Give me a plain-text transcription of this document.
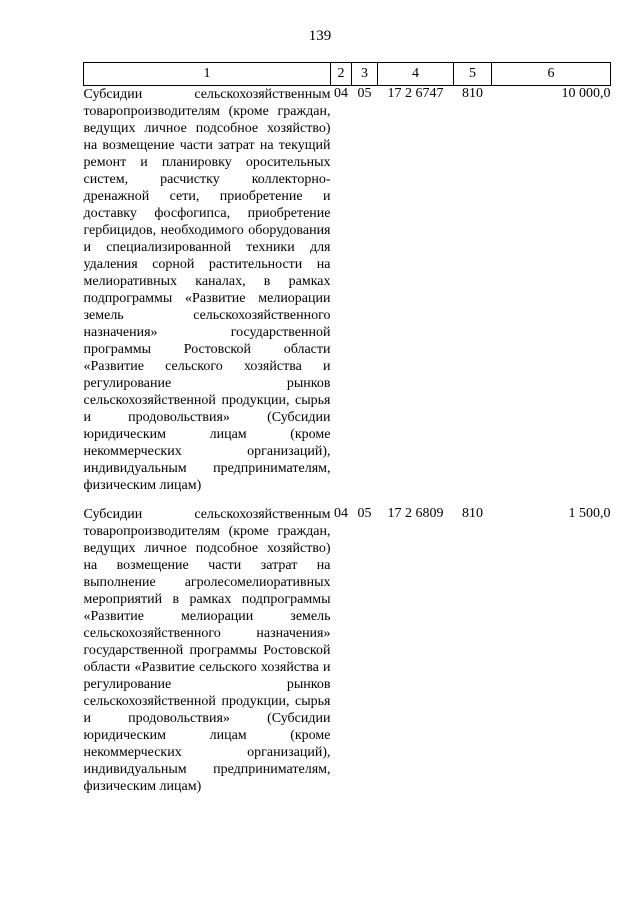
139
1	2	3	4	5	6
Субсидии сельскохозяйственным товаропроизводителям (кроме граждан, ведущих личное подсобное хозяйство) на возмещение части затрат на текущий ремонт и планировку оросительных систем, расчистку коллекторно-дренажной сети, приобретение и доставку фосфогипса, приобретение гербицидов, необходимого оборудования и специализированной техники для удаления сорной растительности на мелиоративных каналах, в рамках подпрограммы «Развитие мелиорации земель сельскохозяйственного назначения» государственной программы Ростовской области «Развитие сельского хозяйства и регулирование рынков сельскохозяйственной продукции, сырья и продовольствия» (Субсидии юридическим лицам (кроме некоммерческих организаций), индивидуальным предпринимателям, физическим лицам)	04	05	17 2 6747	810	10 000,0

Субсидии сельскохозяйственным товаропроизводителям (кроме граждан, ведущих личное подсобное хозяйство) на возмещение части затрат на выполнение агролесомелиоративных мероприятий в рамках подпрограммы «Развитие мелиорации земель сельскохозяйственного назначения» государственной программы Ростовской области «Развитие сельского хозяйства и регулирование рынков сельскохозяйственной продукции, сырья и продовольствия» (Субсидии юридическим лицам (кроме некоммерческих организаций), индивидуальным предпринимателям, физическим лицам)	04	05	17 2 6809	810	1 500,0
